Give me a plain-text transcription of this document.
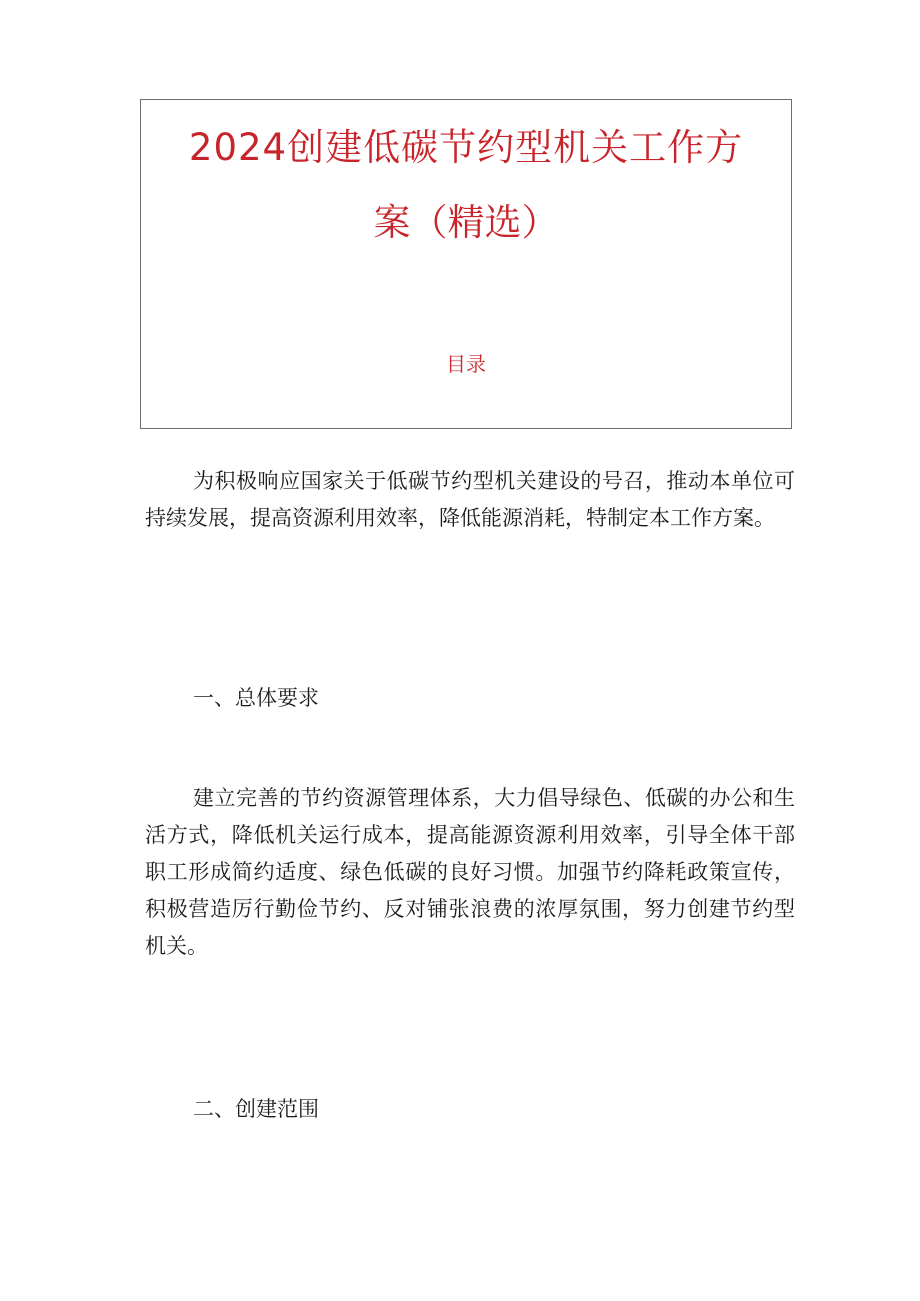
2024创建低碳节约型机关工作方
案（精选）
目录

为积极响应国家关于低碳节约型机关建设的号召，推动本单位可持续发展，提高资源利用效率，降低能源消耗，特制定本工作方案。

一、总体要求

建立完善的节约资源管理体系，大力倡导绿色、低碳的办公和生活方式，降低机关运行成本，提高能源资源利用效率，引导全体干部职工形成简约适度、绿色低碳的良好习惯。加强节约降耗政策宣传，积极营造厉行勤俭节约、反对铺张浪费的浓厚氛围，努力创建节约型机关。

二、创建范围
